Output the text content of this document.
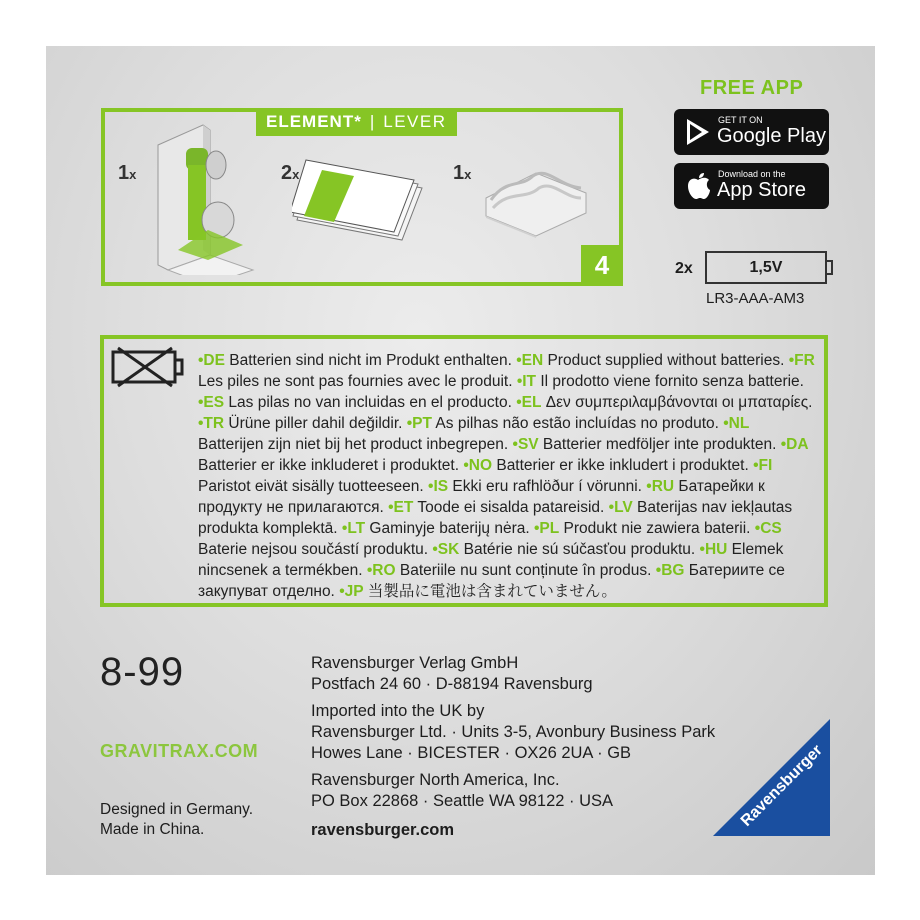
ELEMENT* | LEVER
1x	2x	1x
4
FREE APP
GET IT ON
Google Play
Download on the
App Store
2x	1,5V
LR3-AAA-AM3
•DE Batterien sind nicht im Produkt enthalten. •EN Product supplied without batteries. •FR Les piles ne sont pas fournies avec le produit. •IT Il prodotto viene fornito senza batterie. •ES Las pilas no van incluidas en el producto. •EL Δεν συμπεριλαμβάνονται οι μπαταρίες. •TR Ürüne piller dahil değildir. •PT As pilhas não estão incluídas no produto. •NL Batterijen zijn niet bij het product inbegrepen. •SV Batterier medföljer inte produkten. •DA Batterier er ikke inkluderet i produktet. •NO Batterier er ikke inkludert i produktet. •FI Paristot eivät sisälly tuotteeseen. •IS Ekki eru rafhlöður í vörunni. •RU Батарейки к продукту не прилагаются. •ET Toode ei sisalda patareisid. •LV Baterijas nav iekļautas produkta komplektā. •LT Gaminyje baterijų nėra. •PL Produkt nie zawiera baterii. •CS Baterie nejsou součástí produktu. •SK Batérie nie sú súčasťou produktu. •HU Elemek nincsenek a termékben. •RO Bateriile nu sunt conținute în produs. •BG Батериите се закупуват отделно. •JP 当製品に電池は含まれていません。
8-99
GRAVITRAX.COM
Designed in Germany.
Made in China.
Ravensburger Verlag GmbH
Postfach 24 60 · D-88194 Ravensburg
Imported into the UK by
Ravensburger Ltd. · Units 3-5, Avonbury Business Park
Howes Lane · BICESTER · OX26 2UA · GB
Ravensburger North America, Inc.
PO Box 22868 · Seattle WA 98122 · USA
ravensburger.com
Ravensburger
